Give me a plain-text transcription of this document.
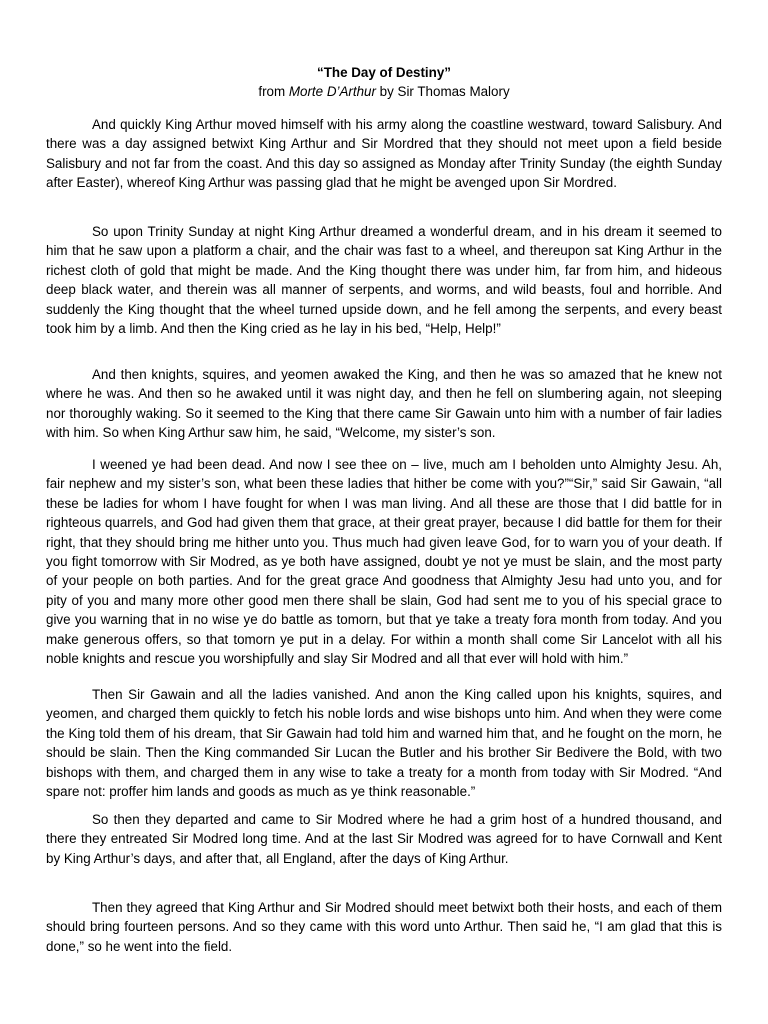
“The Day of Destiny”

from Morte D’Arthur by Sir Thomas Malory

And quickly King Arthur moved himself with his army along the coastline westward, toward Salisbury. And there was a day assigned betwixt King Arthur and Sir Mordred that they should not meet upon a field beside Salisbury and not far from the coast. And this day so assigned as Monday after Trinity Sunday (the eighth Sunday after Easter), whereof King Arthur was passing glad that he might be avenged upon Sir Mordred.

So upon Trinity Sunday at night King Arthur dreamed a wonderful dream, and in his dream it seemed to him that he saw upon a platform a chair, and the chair was fast to a wheel, and thereupon sat King Arthur in the richest cloth of gold that might be made. And the King thought there was under him, far from him, and hideous deep black water, and therein was all manner of serpents, and worms, and wild beasts, foul and horrible. And suddenly the King thought that the wheel turned upside down, and he fell among the serpents, and every beast took him by a limb. And then the King cried as he lay in his bed, “Help, Help!”

And then knights, squires, and yeomen awaked the King, and then he was so amazed that he knew not where he was. And then so he awaked until it was night day, and then he fell on slumbering again, not sleeping nor thoroughly waking. So it seemed to the King that there came Sir Gawain unto him with a number of fair ladies with him. So when King Arthur saw him, he said, “Welcome, my sister’s son.

I weened ye had been dead. And now I see thee on – live, much am I beholden unto Almighty Jesu. Ah, fair nephew and my sister’s son, what been these ladies that hither be come with you?”“Sir,” said Sir Gawain, “all these be ladies for whom I have fought for when I was man living. And all these are those that I did battle for in righteous quarrels, and God had given them that grace, at their great prayer, because I did battle for them for their right, that they should bring me hither unto you. Thus much had given leave God, for to warn you of your death. If you fight tomorrow with Sir Modred, as ye both have assigned, doubt ye not ye must be slain, and the most party of your people on both parties. And for the great grace And goodness that Almighty Jesu had unto you, and for pity of you and many more other good men there shall be slain, God had sent me to you of his special grace to give you warning that in no wise ye do battle as tomorn, but that ye take a treaty fora month from today. And you make generous offers, so that tomorn ye put in a delay. For within a month shall come Sir Lancelot with all his noble knights and rescue you worshipfully and slay Sir Modred and all that ever will hold with him.”

Then Sir Gawain and all the ladies vanished. And anon the King called upon his knights, squires, and yeomen, and charged them quickly to fetch his noble lords and wise bishops unto him. And when they were come the King told them of his dream, that Sir Gawain had told him and warned him that, and he fought on the morn, he should be slain. Then the King commanded Sir Lucan the Butler and his brother Sir Bedivere the Bold, with two bishops with them, and charged them in any wise to take a treaty for a month from today with Sir Modred. “And spare not: proffer him lands and goods as much as ye think reasonable.”

So then they departed and came to Sir Modred where he had a grim host of a hundred thousand, and there they entreated Sir Modred long time. And at the last Sir Modred was agreed for to have Cornwall and Kent by King Arthur’s days, and after that, all England, after the days of King Arthur.

Then they agreed that King Arthur and Sir Modred should meet betwixt both their hosts, and each of them should bring fourteen persons. And so they came with this word unto Arthur. Then said he, “I am glad that this is done,” so he went into the field.
